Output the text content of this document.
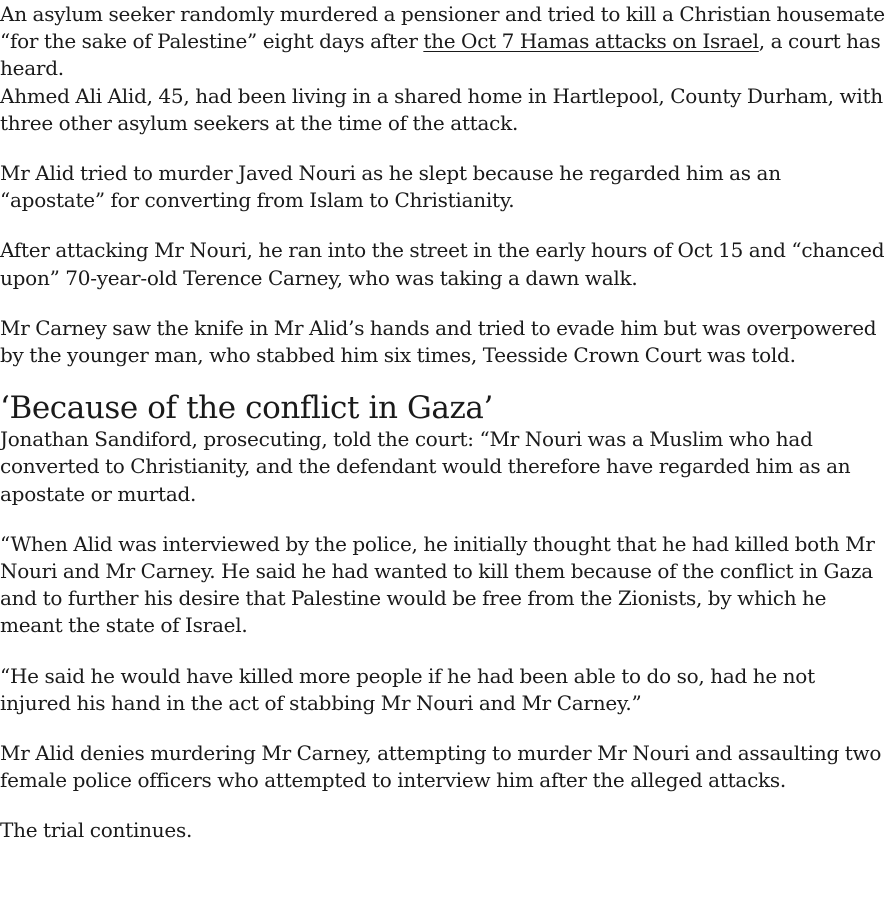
An asylum seeker randomly murdered a pensioner and tried to kill a Christian housemate “for the sake of Palestine” eight days after the Oct 7 Hamas attacks on Israel, a court has heard.

Ahmed Ali Alid, 45, had been living in a shared home in Hartlepool, County Durham, with three other asylum seekers at the time of the attack.

Mr Alid tried to murder Javed Nouri as he slept because he regarded him as an “apostate” for converting from Islam to Christianity.

After attacking Mr Nouri, he ran into the street in the early hours of Oct 15 and “chanced upon” 70-year-old Terence Carney, who was taking a dawn walk.

Mr Carney saw the knife in Mr Alid’s hands and tried to evade him but was overpowered by the younger man, who stabbed him six times, Teesside Crown Court was told.

‘Because of the conflict in Gaza’

Jonathan Sandiford, prosecuting, told the court: “Mr Nouri was a Muslim who had converted to Christianity, and the defendant would therefore have regarded him as an apostate or murtad.

“When Alid was interviewed by the police, he initially thought that he had killed both Mr Nouri and Mr Carney. He said he had wanted to kill them because of the conflict in Gaza and to further his desire that Palestine would be free from the Zionists, by which he meant the state of Israel.

“He said he would have killed more people if he had been able to do so, had he not injured his hand in the act of stabbing Mr Nouri and Mr Carney.”

Mr Alid denies murdering Mr Carney, attempting to murder Mr Nouri and assaulting two female police officers who attempted to interview him after the alleged attacks.

The trial continues.
